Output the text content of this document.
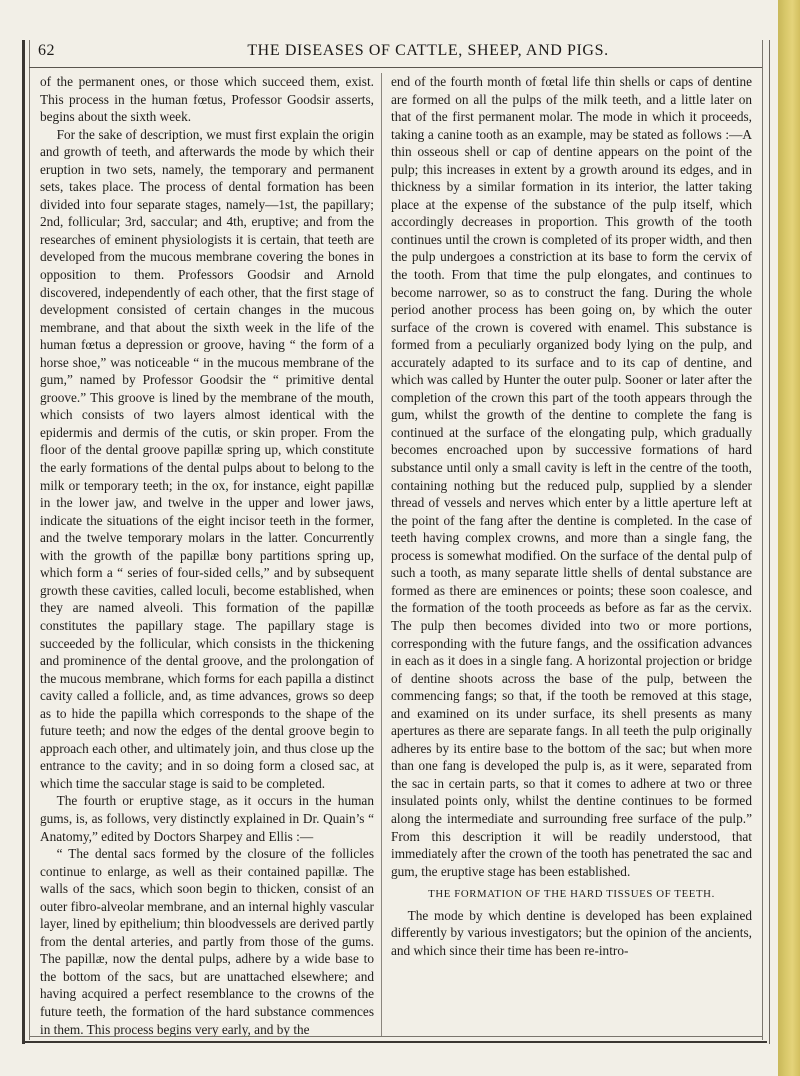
62	THE DISEASES OF CATTLE, SHEEP, AND PIGS.

of the permanent ones, or those which succeed them, exist. This process in the human fœtus, Professor Goodsir asserts, begins about the sixth week.

For the sake of description, we must first explain the origin and growth of teeth, and afterwards the mode by which their eruption in two sets, namely, the temporary and permanent sets, takes place. The process of dental formation has been divided into four separate stages, namely—1st, the papillary; 2nd, follicular; 3rd, saccular; and 4th, eruptive; and from the researches of eminent physiologists it is certain, that teeth are developed from the mucous membrane covering the bones in opposition to them. Professors Goodsir and Arnold discovered, independently of each other, that the first stage of development consisted of certain changes in the mucous membrane, and that about the sixth week in the life of the human fœtus a depression or groove, having “ the form of a horse shoe,” was noticeable “ in the mucous membrane of the gum,” named by Professor Goodsir the “ primitive dental groove.” This groove is lined by the membrane of the mouth, which consists of two layers almost identical with the epidermis and dermis of the cutis, or skin proper. From the floor of the dental groove papillæ spring up, which constitute the early formations of the dental pulps about to belong to the milk or temporary teeth; in the ox, for instance, eight papillæ in the lower jaw, and twelve in the upper and lower jaws, indicate the situations of the eight incisor teeth in the former, and the twelve temporary molars in the latter. Concurrently with the growth of the papillæ bony partitions spring up, which form a “ series of four-sided cells,” and by subsequent growth these cavities, called loculi, become established, when they are named alveoli. This formation of the papillæ constitutes the papillary stage. The papillary stage is succeeded by the follicular, which consists in the thickening and prominence of the dental groove, and the prolongation of the mucous membrane, which forms for each papilla a distinct cavity called a follicle, and, as time advances, grows so deep as to hide the papilla which corresponds to the shape of the future teeth; and now the edges of the dental groove begin to approach each other, and ultimately join, and thus close up the entrance to the cavity; and in so doing form a closed sac, at which time the saccular stage is said to be completed.

The fourth or eruptive stage, as it occurs in the human gums, is, as follows, very distinctly explained in Dr. Quain’s “ Anatomy,” edited by Doctors Sharpey and Ellis :—

“ The dental sacs formed by the closure of the follicles continue to enlarge, as well as their contained papillæ. The walls of the sacs, which soon begin to thicken, consist of an outer fibro-alveolar membrane, and an internal highly vascular layer, lined by epithelium; thin bloodvessels are derived partly from the dental arteries, and partly from those of the gums. The papillæ, now the dental pulps, adhere by a wide base to the bottom of the sacs, but are unattached elsewhere; and having acquired a perfect resemblance to the crowns of the future teeth, the formation of the hard substance commences in them. This process begins very early, and by the

end of the fourth month of fœtal life thin shells or caps of dentine are formed on all the pulps of the milk teeth, and a little later on that of the first permanent molar. The mode in which it proceeds, taking a canine tooth as an example, may be stated as follows :—A thin osseous shell or cap of dentine appears on the point of the pulp; this increases in extent by a growth around its edges, and in thickness by a similar formation in its interior, the latter taking place at the expense of the substance of the pulp itself, which accordingly decreases in proportion. This growth of the tooth continues until the crown is completed of its proper width, and then the pulp undergoes a constriction at its base to form the cervix of the tooth. From that time the pulp elongates, and continues to become narrower, so as to construct the fang. During the whole period another process has been going on, by which the outer surface of the crown is covered with enamel. This substance is formed from a peculiarly organized body lying on the pulp, and accurately adapted to its surface and to its cap of dentine, and which was called by Hunter the outer pulp. Sooner or later after the completion of the crown this part of the tooth appears through the gum, whilst the growth of the dentine to complete the fang is continued at the surface of the elongating pulp, which gradually becomes encroached upon by successive formations of hard substance until only a small cavity is left in the centre of the tooth, containing nothing but the reduced pulp, supplied by a slender thread of vessels and nerves which enter by a little aperture left at the point of the fang after the dentine is completed. In the case of teeth having complex crowns, and more than a single fang, the process is somewhat modified. On the surface of the dental pulp of such a tooth, as many separate little shells of dental substance are formed as there are eminences or points; these soon coalesce, and the formation of the tooth proceeds as before as far as the cervix. The pulp then becomes divided into two or more portions, corresponding with the future fangs, and the ossification advances in each as it does in a single fang. A horizontal projection or bridge of dentine shoots across the base of the pulp, between the commencing fangs; so that, if the tooth be removed at this stage, and examined on its under surface, its shell presents as many apertures as there are separate fangs. In all teeth the pulp originally adheres by its entire base to the bottom of the sac; but when more than one fang is developed the pulp is, as it were, separated from the sac in certain parts, so that it comes to adhere at two or three insulated points only, whilst the dentine continues to be formed along the intermediate and surrounding free surface of the pulp.” From this description it will be readily understood, that immediately after the crown of the tooth has penetrated the sac and gum, the eruptive stage has been established.

THE FORMATION OF THE HARD TISSUES OF TEETH.

The mode by which dentine is developed has been explained differently by various investigators; but the opinion of the ancients, and which since their time has been re-intro-
